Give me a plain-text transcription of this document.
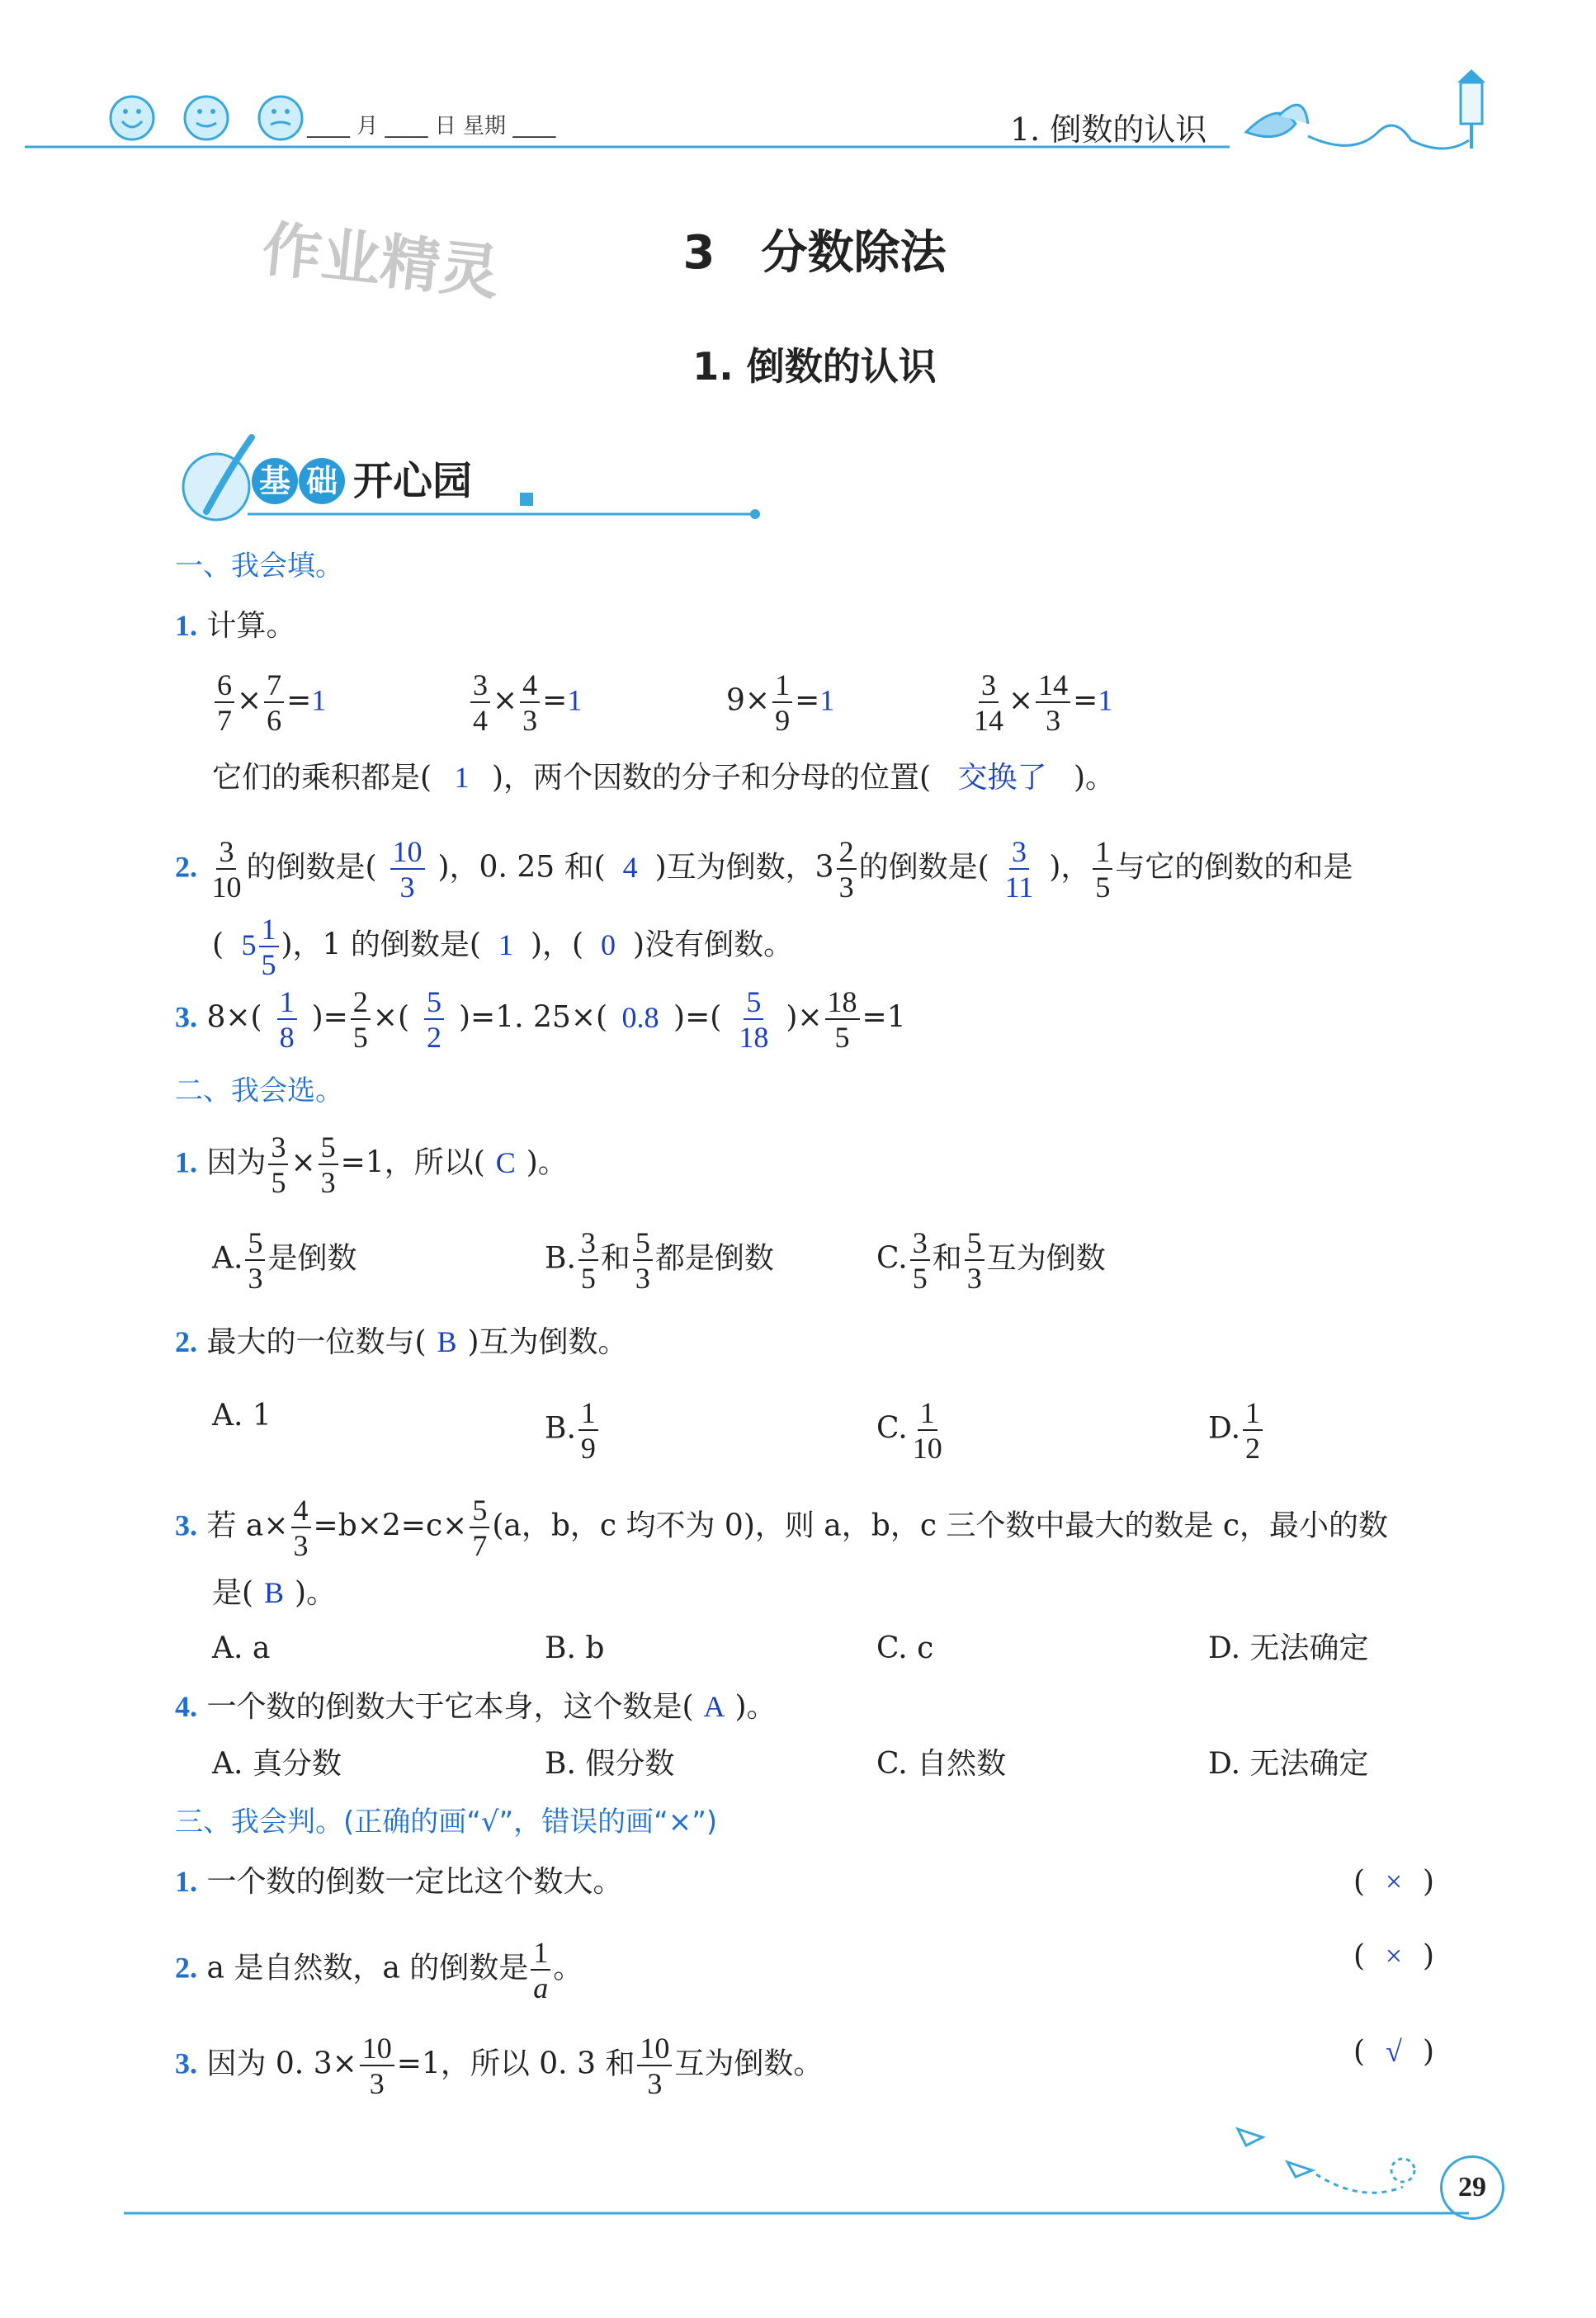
____ 月 ____ 日 星期 ____	1. 倒数的认识
作业精灵	3　分数除法
1. 倒数的认识
基 础 开心园
一、我会填。
1. 计算。
$\frac{6}{7} \times \frac{7}{6} =1$	$\frac{3}{4} \times \frac{4}{3} =1$	$9\times \frac{1}{9} =1$	$\frac{3}{14} \times \frac{14}{3} =1$
它们的乘积都是( 1 )，两个因数的分子和分母的位置( 交换了 )。
2. $\frac{3}{10}$ 的倒数是( $\frac{10}{3}$ )，0. 25 和( 4 )互为倒数，$3 \frac{2}{3}$ 的倒数是( $\frac{3}{11}$ )， $\frac{1}{5}$ 与它的倒数的和是
( $5 \frac{1}{5}$ )，1 的倒数是( 1 )，( 0 )没有倒数。
3. $8\times( \frac{1}{8}$ )= $\frac{2}{5}$ ×( $\frac{5}{2} )=1$. 25×( 0.8 )=( $\frac{5}{18}$ )× $\frac{18}{5} =1$
二、我会选。
1. 因为 $\frac{3}{5} \times \frac{5}{3} =1$，所以( C )。
A. $\frac{5}{3}$ 是倒数	B. $\frac{3}{5}$ 和 $\frac{5}{3}$ 都是倒数	C. $\frac{3}{5}$ 和 $\frac{5}{3}$ 互为倒数
2. 最大的一位数与( B )互为倒数。
A. 1	B. $\frac{1}{9}$	C. $\frac{1}{10}$	D. $\frac{1}{2}$
3. 若 $a\times \frac{4}{3} =b\times 2=c\times \frac{5}{7} (a$，b，c 均不为 0)，则 a，b，c 三个数中最大的数是 c，最小的数
是( B )。
A. a	B. b	C. c	D. 无法确定
4. 一个数的倒数大于它本身，这个数是( A )。
A. 真分数	B. 假分数	C. 自然数	D. 无法确定
三、我会判。(正确的画“√”，错误的画“×”)
1. 一个数的倒数一定比这个数大。	( × )
2. a 是自然数，a 的倒数是 $\frac{1}{a}$ 。	( × )
3. 因为 0. $3\times \frac{10}{3} =1$，所以 0. 3 和 $\frac{10}{3}$ 互为倒数。	( √ )
29
